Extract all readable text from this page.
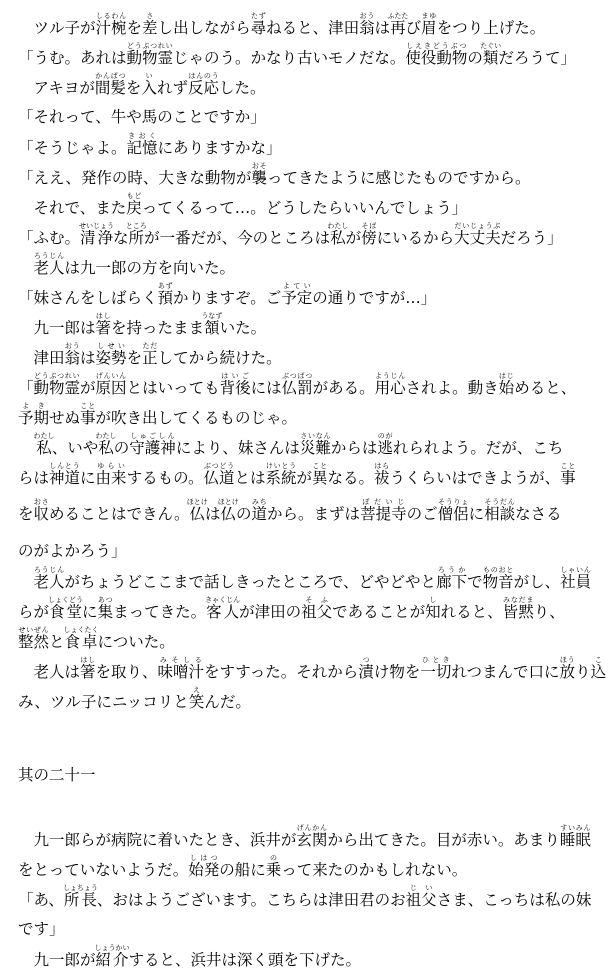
ツル子が汁椀しるわんを差さし出しながら尋たずねると、津田翁おうは再ふたたび眉まゆをつり上げた。
「うむ。あれは動物霊どうぶつれいじゃのう。かなり古いモノだな。使役動物しえきどうぶつの類たぐいだろうて」
アキヨが間髪かんぱつを入いれず反応はんのうした。
「それって、牛や馬のことですか」
「そうじゃよ。記憶きおくにありますかな」
「ええ、発作の時、大きな動物が襲おそってきたように感じたものですから。
それで、また戻もどってくるって…。どうしたらいいんでしょう」
「ふむ。清浄せいじょうな所ところが一番だが、今のところは私わたしが傍そばにいるから大丈夫だいじょうぶだろう」
老人ろうじんは九一郎の方を向いた。
「妹さんをしばらく預あずかりますぞ。ご予定よていの通りですが…」
九一郎は箸はしを持ったまま頷うなずいた。
津田翁おうは姿勢しせいを正ただしてから続けた。
「動物霊どうぶつれいが原因げんいんとはいっても背後はいごには仏罰ぶつばつがある。用心ようじんされよ。動き始はじめると、
予期よきせぬ事ことが吹き出してくるものじゃ。
私わたし、いや私わたしの守護神しゅごしんにより、妹さんは災難さいなんからは逃のがれられよう。だが、こち
らは神道しんとうに由来ゆらいするもの。仏道ぶつどうとは系統けいとうが異ことなる。祓はらうくらいはできようが、事こと
を収おさめることはできん。仏ほとけは仏ほとけの道みちから。まずは菩提寺ぼだいじのご僧侶そうりょに相談そうだんなさる
のがよかろう」
老人ろうじんがちょうどここまで話しきったところで、どやどやと廊下ろうかで物音ものおとがし、社員しゃいん
らが食堂しょくどうに集あつまってきた。客人きゃくじんが津田の祖父そふであることが知しれると、皆みな黙だまり、
整然せいぜんと食卓しょくたくについた。
老人は箸はしを取り、味噌汁みそしるをすすった。それから漬つけ物を一切ひときれつまんで口に放ほうり込こ
み、ツル子にニッコリと笑えんだ。
其の二十一
九一郎らが病院に着いたとき、浜井が玄関げんかんから出てきた。目が赤い。あまり睡眠すいみん
をとっていないようだ。始発しはつの船に乗のって来たのかもしれない。
「あ、所長しょちょう、おはようございます。こちらは津田君のお祖父じいさま、こっちは私の妹
です」
九一郎が紹介しょうかいすると、浜井は深く頭を下げた。
